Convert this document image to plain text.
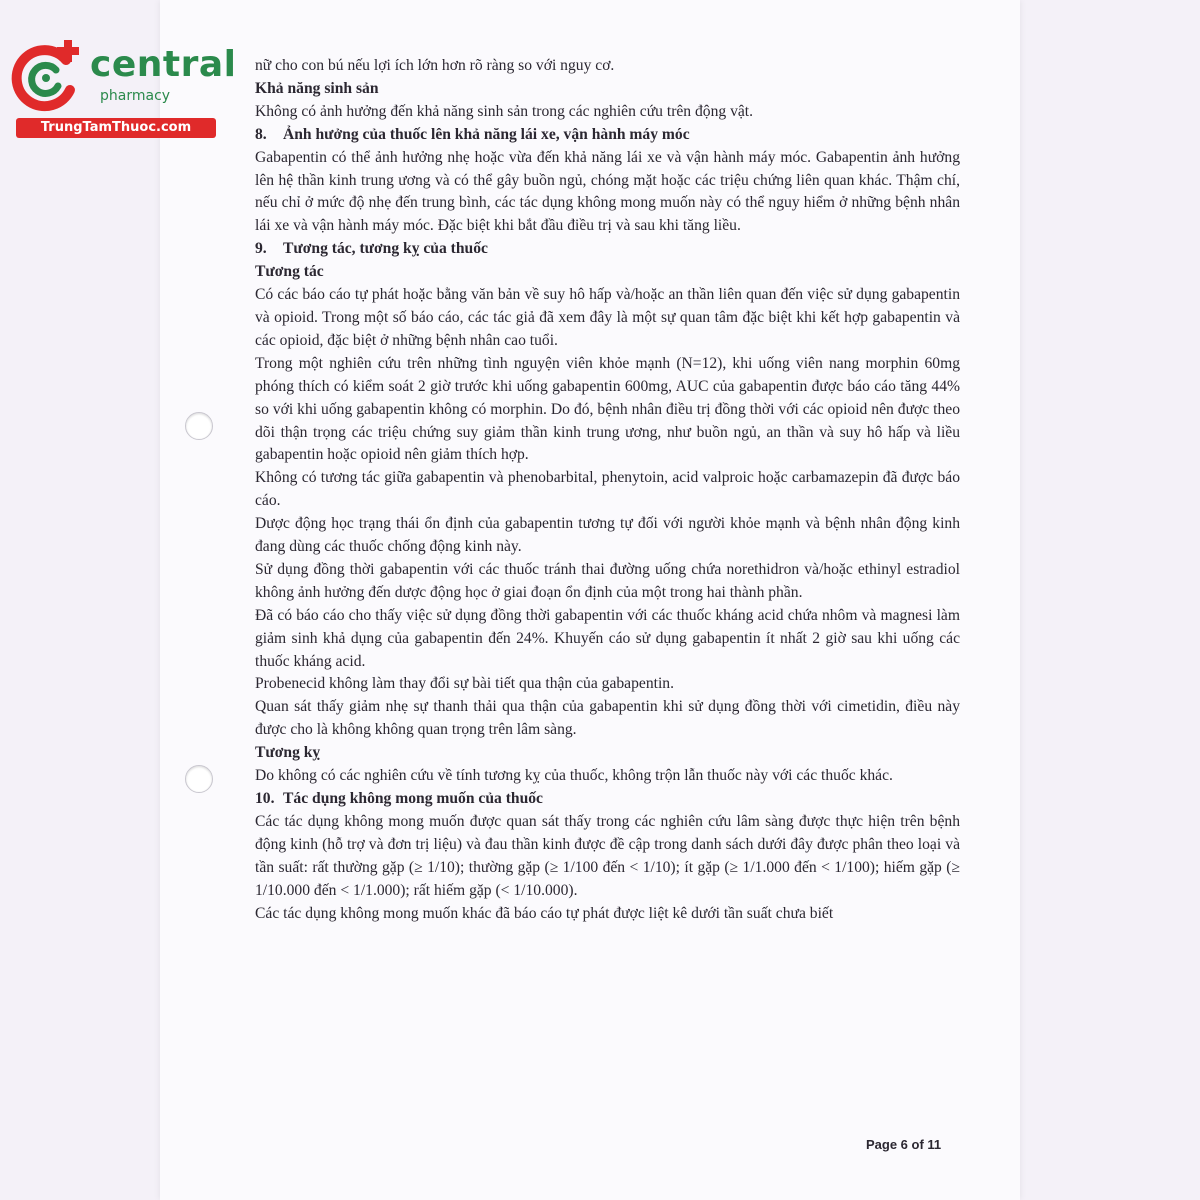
central
pharmacy
TrungTamThuoc.com

nữ cho con bú nếu lợi ích lớn hơn rõ ràng so với nguy cơ.

Khả năng sinh sản

Không có ảnh hưởng đến khả năng sinh sản trong các nghiên cứu trên động vật.

8. Ảnh hưởng của thuốc lên khả năng lái xe, vận hành máy móc

Gabapentin có thể ảnh hưởng nhẹ hoặc vừa đến khả năng lái xe và vận hành máy móc. Gabapentin ảnh hưởng lên hệ thần kinh trung ương và có thể gây buồn ngủ, chóng mặt hoặc các triệu chứng liên quan khác. Thậm chí, nếu chỉ ở mức độ nhẹ đến trung bình, các tác dụng không mong muốn này có thể nguy hiểm ở những bệnh nhân lái xe và vận hành máy móc. Đặc biệt khi bắt đầu điều trị và sau khi tăng liều.

9. Tương tác, tương kỵ của thuốc

Tương tác

Có các báo cáo tự phát hoặc bằng văn bản về suy hô hấp và/hoặc an thần liên quan đến việc sử dụng gabapentin và opioid. Trong một số báo cáo, các tác giả đã xem đây là một sự quan tâm đặc biệt khi kết hợp gabapentin và các opioid, đặc biệt ở những bệnh nhân cao tuổi.

Trong một nghiên cứu trên những tình nguyện viên khỏe mạnh (N=12), khi uống viên nang morphin 60mg phóng thích có kiểm soát 2 giờ trước khi uống gabapentin 600mg, AUC của gabapentin được báo cáo tăng 44% so với khi uống gabapentin không có morphin. Do đó, bệnh nhân điều trị đồng thời với các opioid nên được theo dõi thận trọng các triệu chứng suy giảm thần kinh trung ương, như buồn ngủ, an thần và suy hô hấp và liều gabapentin hoặc opioid nên giảm thích hợp.

Không có tương tác giữa gabapentin và phenobarbital, phenytoin, acid valproic hoặc carbamazepin đã được báo cáo.

Dược động học trạng thái ổn định của gabapentin tương tự đối với người khỏe mạnh và bệnh nhân động kinh đang dùng các thuốc chống động kinh này.

Sử dụng đồng thời gabapentin với các thuốc tránh thai đường uống chứa norethidron và/hoặc ethinyl estradiol không ảnh hưởng đến dược động học ở giai đoạn ổn định của một trong hai thành phần.

Đã có báo cáo cho thấy việc sử dụng đồng thời gabapentin với các thuốc kháng acid chứa nhôm và magnesi làm giảm sinh khả dụng của gabapentin đến 24%. Khuyến cáo sử dụng gabapentin ít nhất 2 giờ sau khi uống các thuốc kháng acid.

Probenecid không làm thay đổi sự bài tiết qua thận của gabapentin.

Quan sát thấy giảm nhẹ sự thanh thải qua thận của gabapentin khi sử dụng đồng thời với cimetidin, điều này được cho là không không quan trọng trên lâm sàng.

Tương kỵ

Do không có các nghiên cứu về tính tương kỵ của thuốc, không trộn lẫn thuốc này với các thuốc khác.

10. Tác dụng không mong muốn của thuốc

Các tác dụng không mong muốn được quan sát thấy trong các nghiên cứu lâm sàng được thực hiện trên bệnh động kinh (hỗ trợ và đơn trị liệu) và đau thần kinh được đề cập trong danh sách dưới đây được phân theo loại và tần suất: rất thường gặp (≥ 1/10); thường gặp (≥ 1/100 đến < 1/10); ít gặp (≥ 1/1.000 đến < 1/100); hiếm gặp (≥ 1/10.000 đến < 1/1.000); rất hiếm gặp (< 1/10.000).

Các tác dụng không mong muốn khác đã báo cáo tự phát được liệt kê dưới tần suất chưa biết

Page 6 of 11
